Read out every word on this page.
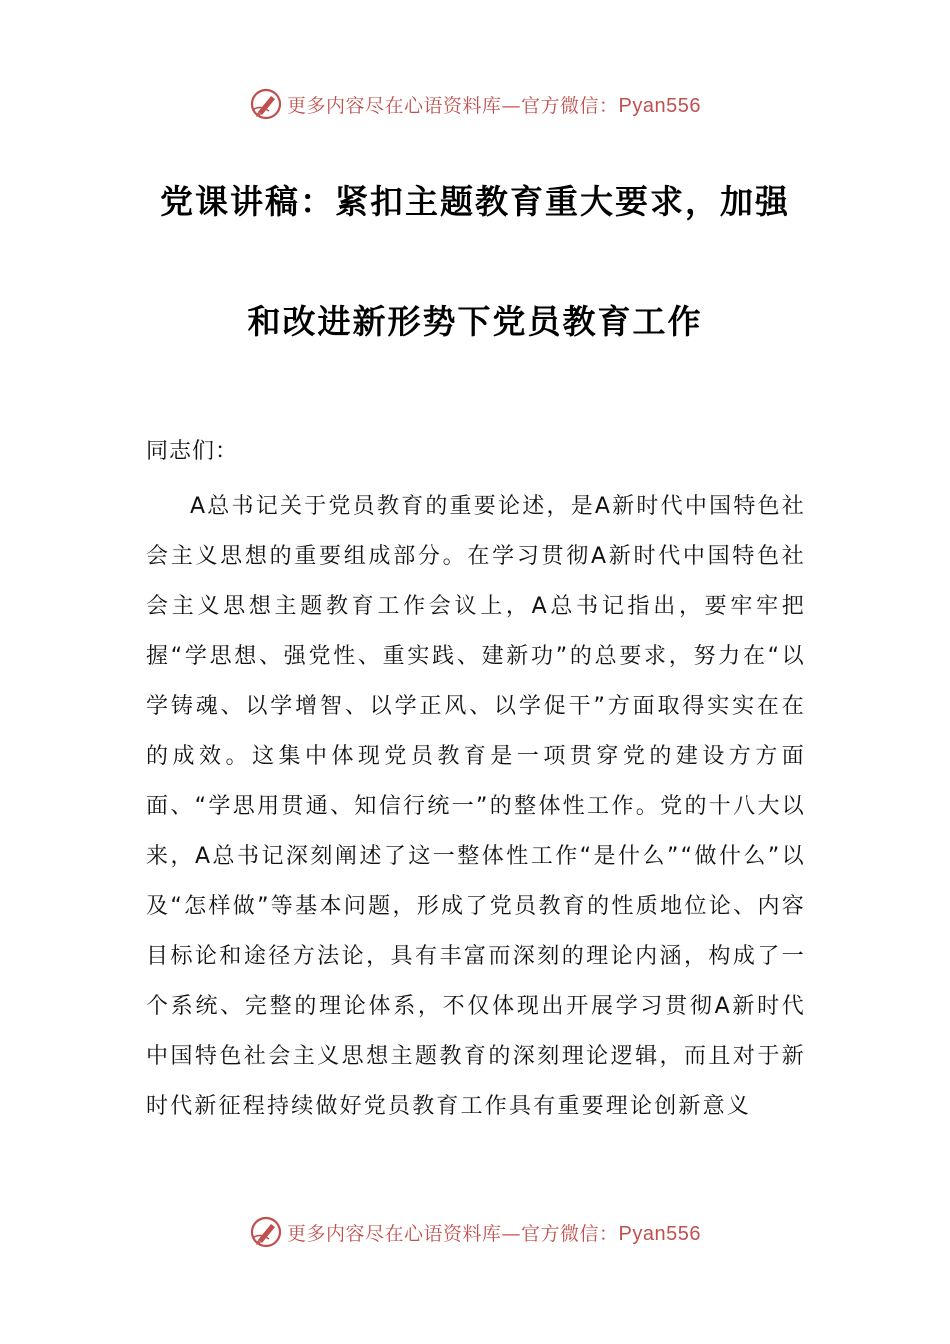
更多内容尽在心语资料库—官方微信：Pyan556
党课讲稿：紧扣主题教育重大要求，加强
和改进新形势下党员教育工作
同志们：
A总书记关于党员教育的重要论述，是A新时代中国特色社会主义思想的重要组成部分。在学习贯彻A新时代中国特色社会主义思想主题教育工作会议上，A总书记指出，要牢牢把握“学思想、强党性、重实践、建新功”的总要求，努力在“以学铸魂、以学增智、以学正风、以学促干”方面取得实实在在的成效。这集中体现党员教育是一项贯穿党的建设方方面面、“学思用贯通、知信行统一”的整体性工作。党的十八大以来，A总书记深刻阐述了这一整体性工作“是什么”“做什么”以及“怎样做”等基本问题，形成了党员教育的性质地位论、内容目标论和途径方法论，具有丰富而深刻的理论内涵，构成了一个系统、完整的理论体系，不仅体现出开展学习贯彻A新时代中国特色社会主义思想主题教育的深刻理论逻辑，而且对于新时代新征程持续做好党员教育工作具有重要理论创新意义
更多内容尽在心语资料库—官方微信：Pyan556
